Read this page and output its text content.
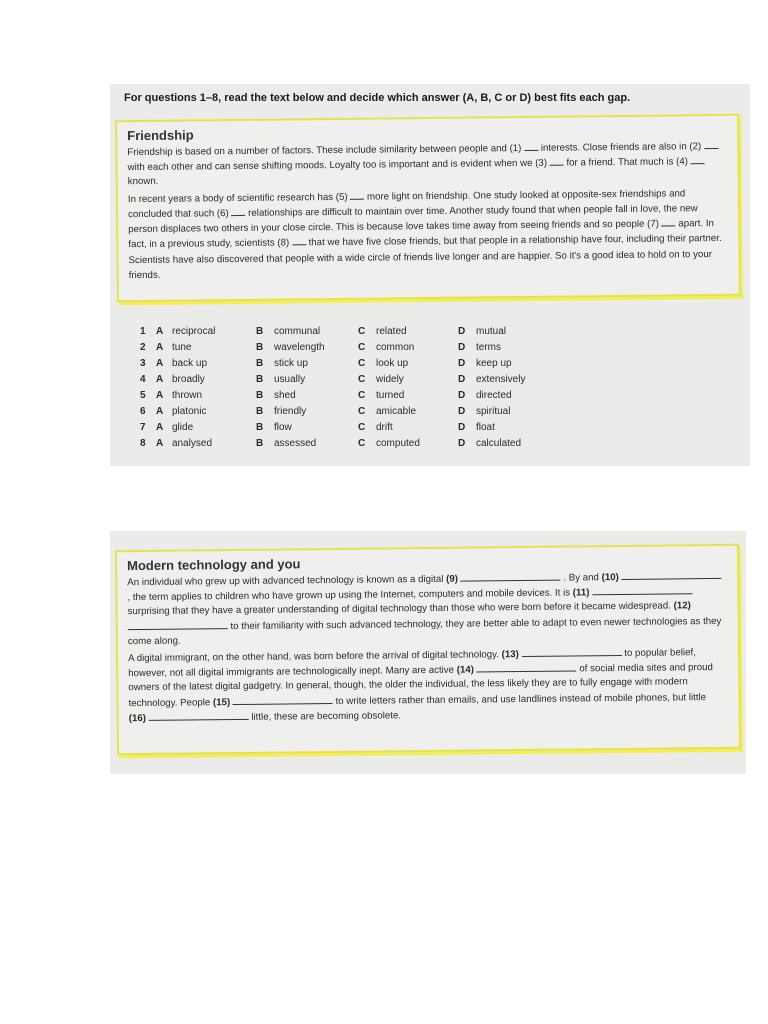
For questions 1–8, read the text below and decide which answer (A, B, C or D) best fits each gap.
Friendship

Friendship is based on a number of factors. These include similarity between people and (1) interests. Close friends are also in (2)  with each other and can sense shifting moods. Loyalty too is important and is evident when we (3) for a friend. That much is (4)  known.

In recent years a body of scientific research has (5) more light on friendship. One study looked at opposite-sex friendships and concluded that such (6) relationships are difficult to maintain over time. Another study found that when people fall in love, the new person displaces two others in your close circle. This is because love takes time away from seeing friends and so people (7) apart. In fact, in a previous study, scientists (8) that we have five close friends, but that people in a relationship have four, including their partner.

Scientists have also discovered that people with a wide circle of friends live longer and are happier. So it's a good idea to hold on to your friends.

1 A reciprocal	B communal	C related	D mutual
2 A tune	B wavelength	C common	D terms
3 A back up	B stick up	C look up	D keep up
4 A broadly	B usually	C widely	D extensively
5 A thrown	B shed	C turned	D directed
6 A platonic	B friendly	C amicable	D spiritual
7 A glide	B flow	C drift	D float
8 A analysed	B assessed	C computed	D calculated
Modern technology and you

An individual who grew up with advanced technology is known as a digital (9)	. By and (10)  , the term applies to children who have grown up using the Internet, computers and mobile devices. It is (11)  surprising that they have a greater understanding of digital technology than those who were born before it became widespread. (12)  to their familiarity with such advanced technology, they are better able to adapt to even newer technologies as they come along.

A digital immigrant, on the other hand, was born before the arrival of digital technology. (13)	to popular belief, however, not all digital immigrants are technologically inept. Many are active (14)	of social media sites and proud owners of the latest digital gadgetry. In general, though, the older the individual, the less likely they are to fully engage with modern technology. People (15)	to write letters rather than emails, and use landlines instead of mobile phones, but little (16)	little, these are becoming obsolete.
